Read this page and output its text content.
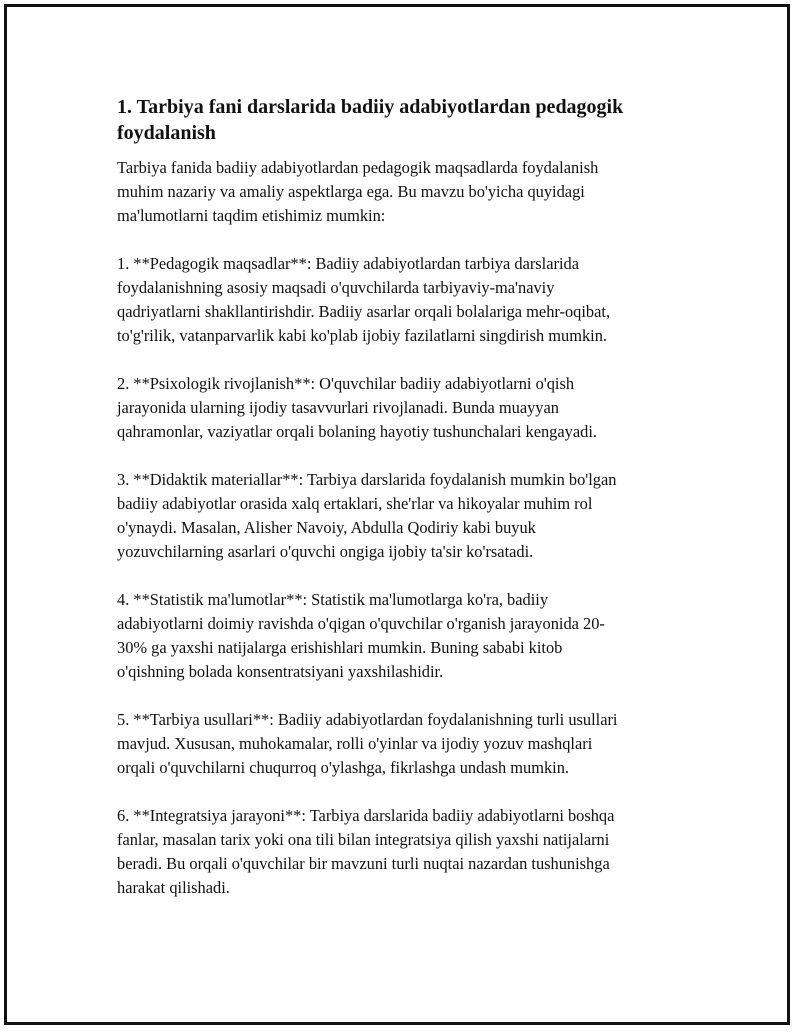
1. Tarbiya fani darslarida badiiy adabiyotlardan pedagogik
foydalanish

Tarbiya fanida badiiy adabiyotlardan pedagogik maqsadlarda foydalanish
muhim nazariy va amaliy aspektlarga ega. Bu mavzu bo'yicha quyidagi
ma'lumotlarni taqdim etishimiz mumkin:

1. **Pedagogik maqsadlar**: Badiiy adabiyotlardan tarbiya darslarida
foydalanishning asosiy maqsadi o'quvchilarda tarbiyaviy-ma'naviy
qadriyatlarni shakllantirishdir. Badiiy asarlar orqali bolalariga mehr-oqibat,
to'g'rilik, vatanparvarlik kabi ko'plab ijobiy fazilatlarni singdirish mumkin.

2. **Psixologik rivojlanish**: O'quvchilar badiiy adabiyotlarni o'qish
jarayonida ularning ijodiy tasavvurlari rivojlanadi. Bunda muayyan
qahramonlar, vaziyatlar orqali bolaning hayotiy tushunchalari kengayadi.

3. **Didaktik materiallar**: Tarbiya darslarida foydalanish mumkin bo'lgan
badiiy adabiyotlar orasida xalq ertaklari, she'rlar va hikoyalar muhim rol
o'ynaydi. Masalan, Alisher Navoiy, Abdulla Qodiriy kabi buyuk
yozuvchilarning asarlari o'quvchi ongiga ijobiy ta'sir ko'rsatadi.

4. **Statistik ma'lumotlar**: Statistik ma'lumotlarga ko'ra, badiiy
adabiyotlarni doimiy ravishda o'qigan o'quvchilar o'rganish jarayonida 20-
30% ga yaxshi natijalarga erishishlari mumkin. Buning sababi kitob
o'qishning bolada konsentratsiyani yaxshilashidir.

5. **Tarbiya usullari**: Badiiy adabiyotlardan foydalanishning turli usullari
mavjud. Xususan, muhokamalar, rolli o'yinlar va ijodiy yozuv mashqlari
orqali o'quvchilarni chuqurroq o'ylashga, fikrlashga undash mumkin.

6. **Integratsiya jarayoni**: Tarbiya darslarida badiiy adabiyotlarni boshqa
fanlar, masalan tarix yoki ona tili bilan integratsiya qilish yaxshi natijalarni
beradi. Bu orqali o'quvchilar bir mavzuni turli nuqtai nazardan tushunishga
harakat qilishadi.
